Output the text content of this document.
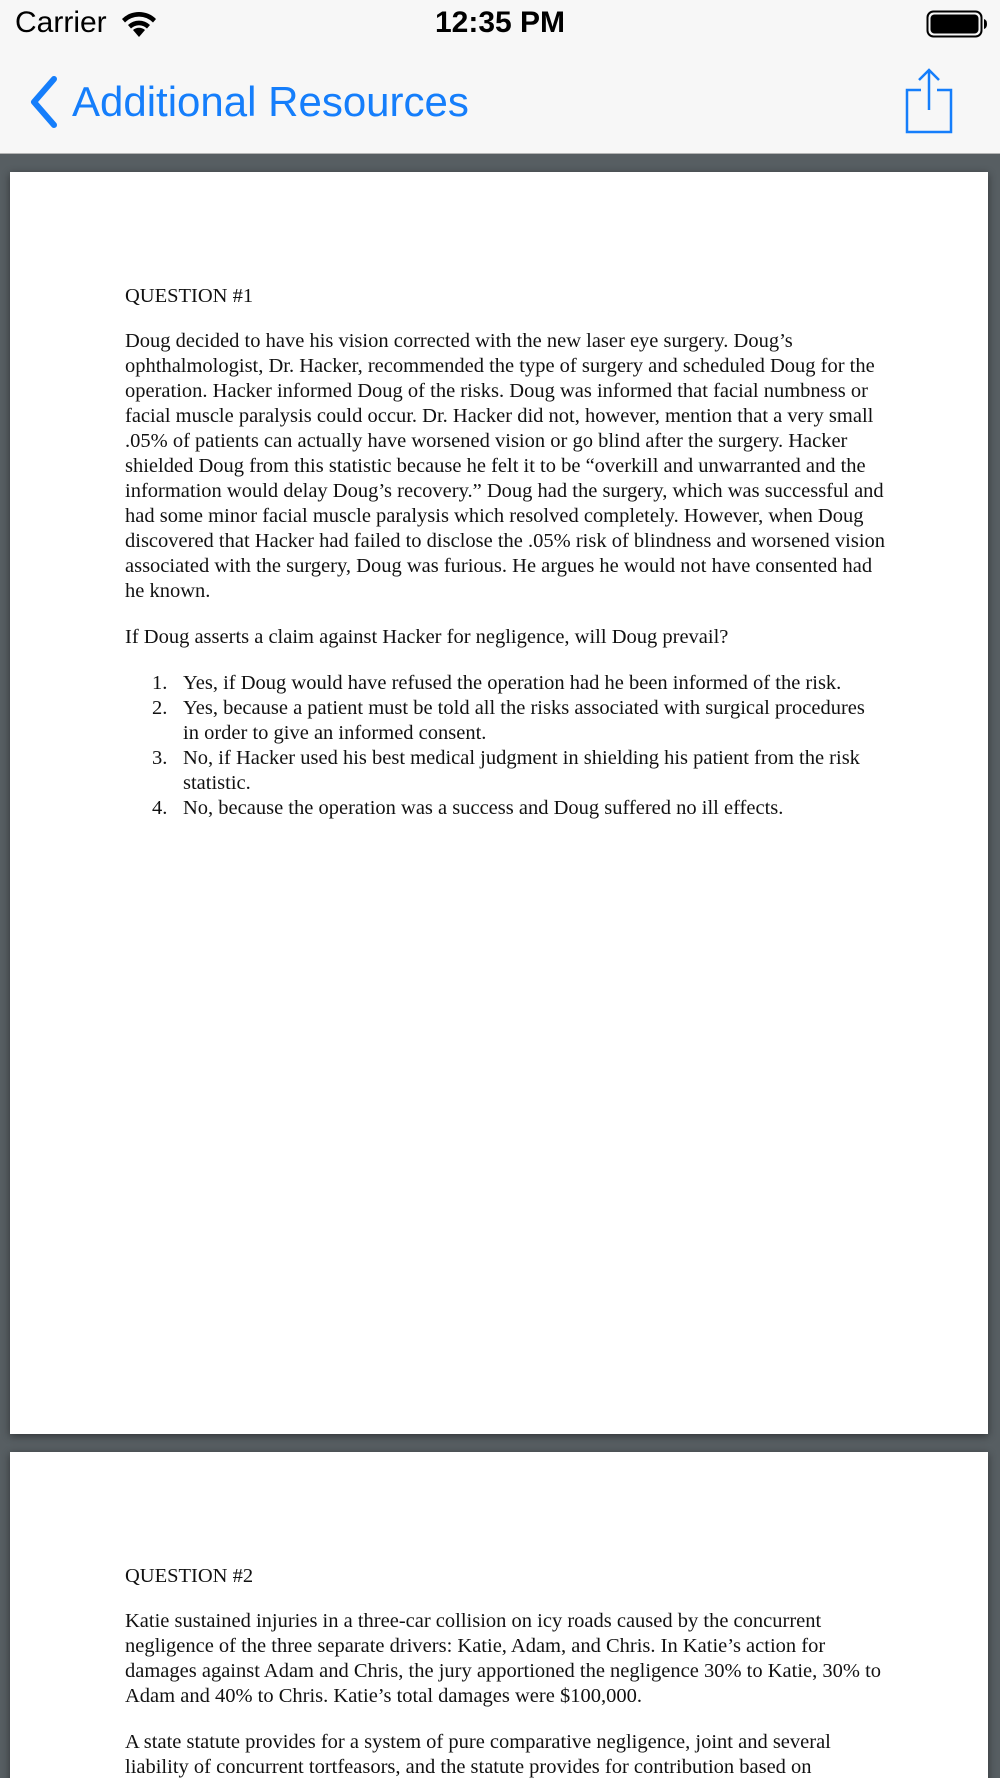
Carrier	12:35 PM
Additional Resources

QUESTION #1

Doug decided to have his vision corrected with the new laser eye surgery. Doug’s ophthalmologist, Dr. Hacker, recommended the type of surgery and scheduled Doug for the operation. Hacker informed Doug of the risks. Doug was informed that facial numbness or facial muscle paralysis could occur. Dr. Hacker did not, however, mention that a very small .05% of patients can actually have worsened vision or go blind after the surgery. Hacker shielded Doug from this statistic because he felt it to be “overkill and unwarranted and the information would delay Doug’s recovery.” Doug had the surgery, which was successful and had some minor facial muscle paralysis which resolved completely. However, when Doug discovered that Hacker had failed to disclose the .05% risk of blindness and worsened vision associated with the surgery, Doug was furious. He argues he would not have consented had he known.

If Doug asserts a claim against Hacker for negligence, will Doug prevail?

1. Yes, if Doug would have refused the operation had he been informed of the risk.
2. Yes, because a patient must be told all the risks associated with surgical procedures in order to give an informed consent.
3. No, if Hacker used his best medical judgment in shielding his patient from the risk statistic.
4. No, because the operation was a success and Doug suffered no ill effects.

QUESTION #2

Katie sustained injuries in a three-car collision on icy roads caused by the concurrent negligence of the three separate drivers: Katie, Adam, and Chris. In Katie’s action for damages against Adam and Chris, the jury apportioned the negligence 30% to Katie, 30% to Adam and 40% to Chris. Katie’s total damages were $100,000.

A state statute provides for a system of pure comparative negligence, joint and several liability of concurrent tortfeasors, and the statute provides for contribution based on
